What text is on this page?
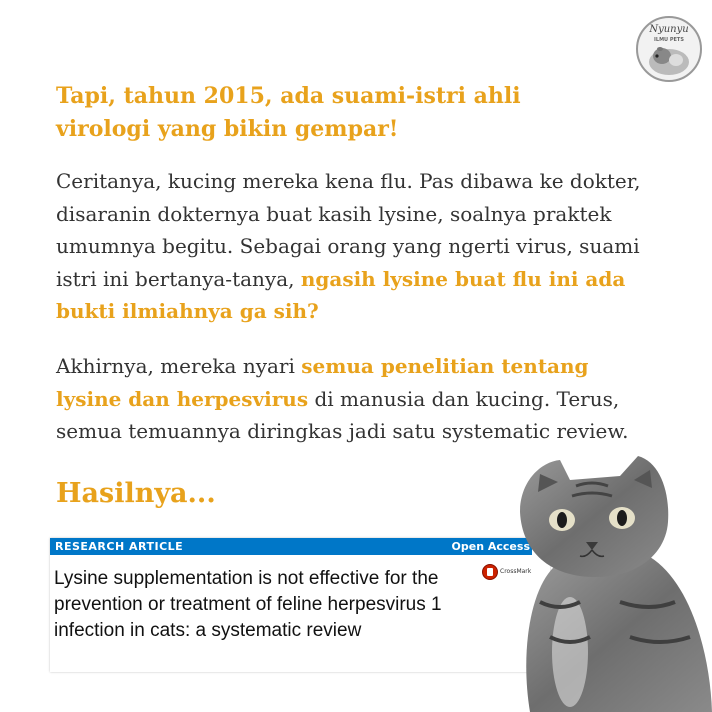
Nyunyu
ILMU PETS
Tapi, tahun 2015, ada suami-istri ahli virologi yang bikin gempar!

Ceritanya, kucing mereka kena flu. Pas dibawa ke dokter, disaranin dokternya buat kasih lysine, soalnya praktek umumnya begitu. Sebagai orang yang ngerti virus, suami istri ini bertanya-tanya, ngasih lysine buat flu ini ada bukti ilmiahnya ga sih?

Akhirnya, mereka nyari semua penelitian tentang lysine dan herpesvirus di manusia dan kucing. Terus, semua temuannya diringkas jadi satu systematic review.

Hasilnya...
RESEARCH ARTICLE	Open Access
CrossMark

Lysine supplementation is not effective for the prevention or treatment of feline herpesvirus 1 infection in cats: a systematic review
